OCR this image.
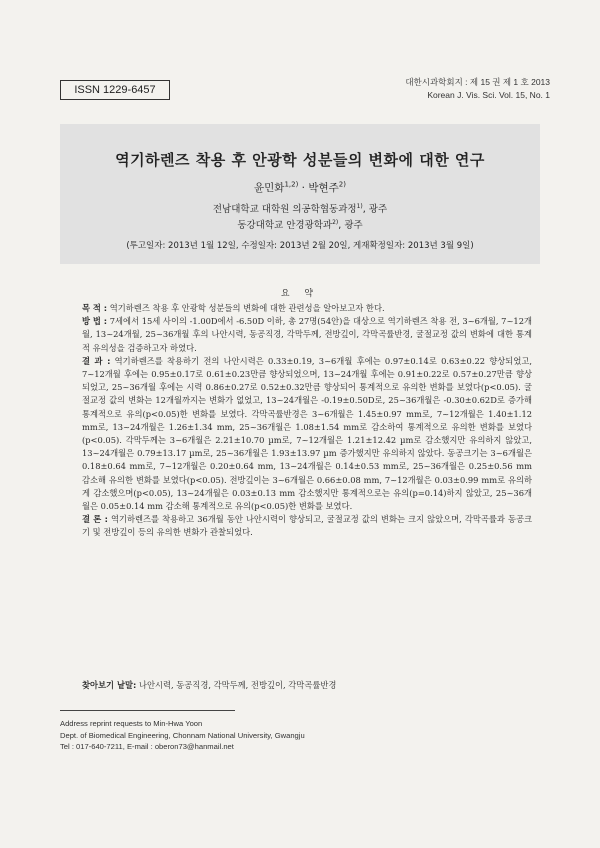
ISSN 1229-6457
대한시과학회지 : 제 15 권 제 1 호 2013
Korean J. Vis. Sci. Vol. 15, No. 1
역기하렌즈 착용 후 안광학 성분들의 변화에 대한 연구
윤민화$^{1,2)}$ · 박현주$^{2)}$
전남대학교 대학원 의공학협동과정$^{1)}$, 광주
동강대학교 안경광학과$^{2)}$, 광주
(투고일자: 2013년 1월 12일, 수정일자: 2013년 2월 20일, 게재확정일자: 2013년 3월 9일)
요 약

목 적 : 역기하렌즈 착용 후 안광학 성분들의 변화에 대한 관련성을 알아보고자 한다.

방 법 : 7세에서 15세 사이의 -1.00D에서 -6.50D 이하, 총 27명(54안)을 대상으로 역기하렌즈 착용 전, 3~6개월, 7~12개월, 13~24개월, 25~36개월 후의 나안시력, 동공직경, 각막두께, 전방깊이, 각막곡률반경, 굴절교정 값의 변화에 대한 통계적 유의성을 검증하고자 하였다.

결 과 : 역기하렌즈를 착용하기 전의 나안시력은 0.33±0.19, 3~6개월 후에는 0.97±0.14로 0.63±0.22 향상되었고, 7~12개월 후에는 0.95±0.17로 0.61±0.23만큼 향상되었으며, 13~24개월 후에는 0.91±0.22로 0.57±0.27만큼 향상되었고, 25~36개월 후에는 시력 0.86±0.27로 0.52±0.32만큼 향상되어 통계적으로 유의한 변화를 보였다(p<0.05). 굴절교정 값의 변화는 12개월까지는 변화가 없었고, 13~24개월은 -0.19±0.50D로, 25~36개월은 -0.30±0.62D로 증가해 통계적으로 유의(p<0.05)한 변화를 보였다. 각막곡률반경은 3~6개월은 1.45±0.97 mm로, 7~12개월은 1.40±1.12 mm로, 13~24개월은 1.26±1.34 mm, 25~36개월은 1.08±1.54 mm로 감소하여 통계적으로 유의한 변화를 보였다(p<0.05). 각막두께는 3~6개월은 2.21±10.70 µm로, 7~12개월은 1.21±12.42 µm로 감소했지만 유의하지 않았고, 13~24개월은 0.79±13.17 µm로, 25~36개월은 1.93±13.97 µm 증가했지만 유의하지 않았다. 동공크기는 3~6개월은 0.18±0.64 mm로, 7~12개월은 0.20±0.64 mm, 13~24개월은 0.14±0.53 mm로, 25~36개월은 0.25±0.56 mm 감소해 유의한 변화를 보였다(p<0.05). 전방깊이는 3~6개월은 0.66±0.08 mm, 7~12개월은 0.03±0.99 mm로 유의하게 감소했으며(p<0.05), 13~24개월은 0.03±0.13 mm 감소했지만 통계적으로는 유의(p=0.14)하지 않았고, 25~36개월은 0.05±0.14 mm 감소해 통계적으로 유의(p<0.05)한 변화를 보였다.

결 론 : 역기하렌즈를 착용하고 36개월 동안 나안시력이 향상되고, 굴절교정 값의 변화는 크지 않았으며, 각막곡률과 동공크기 및 전방깊이 등의 유의한 변화가 관찰되었다.

찾아보기 낱말: 나안시력, 동공직경, 각막두께, 전방깊이, 각막곡률반경
Address reprint requests to Min-Hwa Yoon
Dept. of Biomedical Engineering, Chonnam National University, Gwangju
Tel : 017-640-7211, E-mail : oberon73@hanmail.net
